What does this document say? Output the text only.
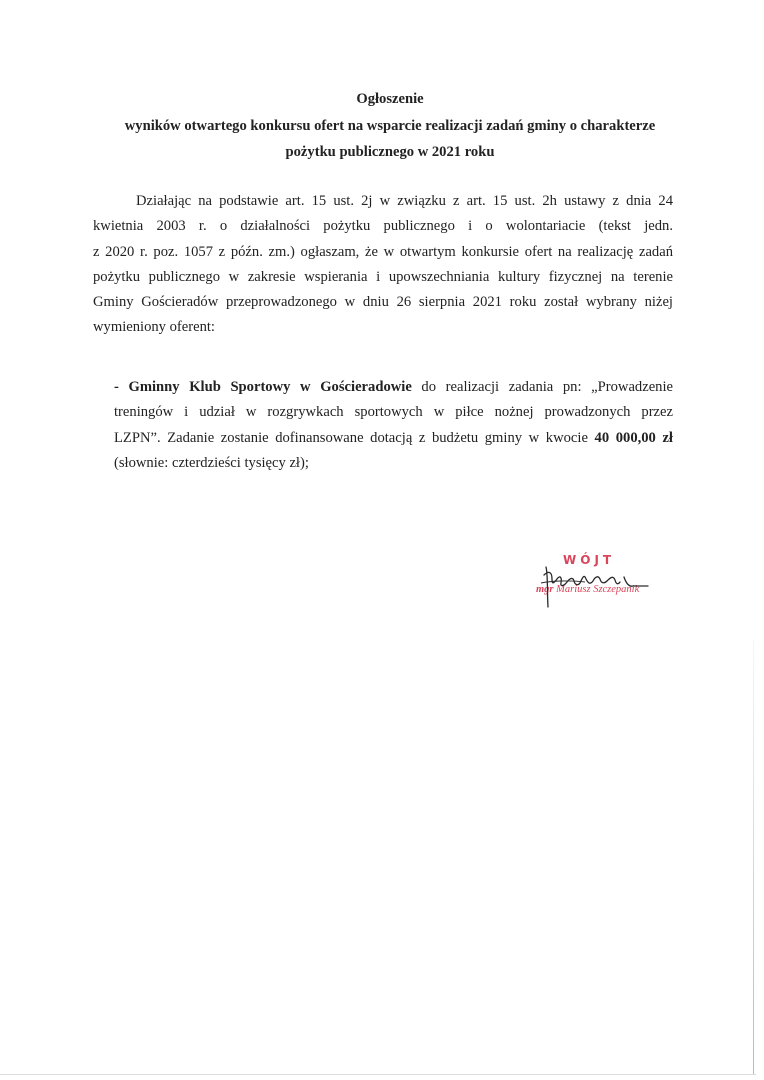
Ogłoszenie
wyników otwartego konkursu ofert na wsparcie realizacji zadań gminy o charakterze
pożytku publicznego w 2021 roku
Działając na podstawie art. 15 ust. 2j w związku z art. 15 ust. 2h ustawy z dnia 24
kwietnia 2003 r. o działalności pożytku publicznego i o wolontariacie (tekst jedn.
z 2020 r. poz. 1057 z późn. zm.) ogłaszam, że w otwartym konkursie ofert na realizację zadań
pożytku publicznego w zakresie wspierania i upowszechniania kultury fizycznej na terenie
Gminy Gościeradów przeprowadzonego w dniu 26 sierpnia 2021 roku został wybrany niżej
wymieniony oferent:
- Gminny Klub Sportowy w Gościeradowie do realizacji zadania pn: „Prowadzenie
treningów i udział w rozgrywkach sportowych w piłce nożnej prowadzonych przez
LZPN”. Zadanie zostanie dofinansowane dotacją z budżetu gminy w kwocie 40 000,00 zł
(słownie: czterdzieści tysięcy zł);
WÓJT
mgr Mariusz Szczepanik
